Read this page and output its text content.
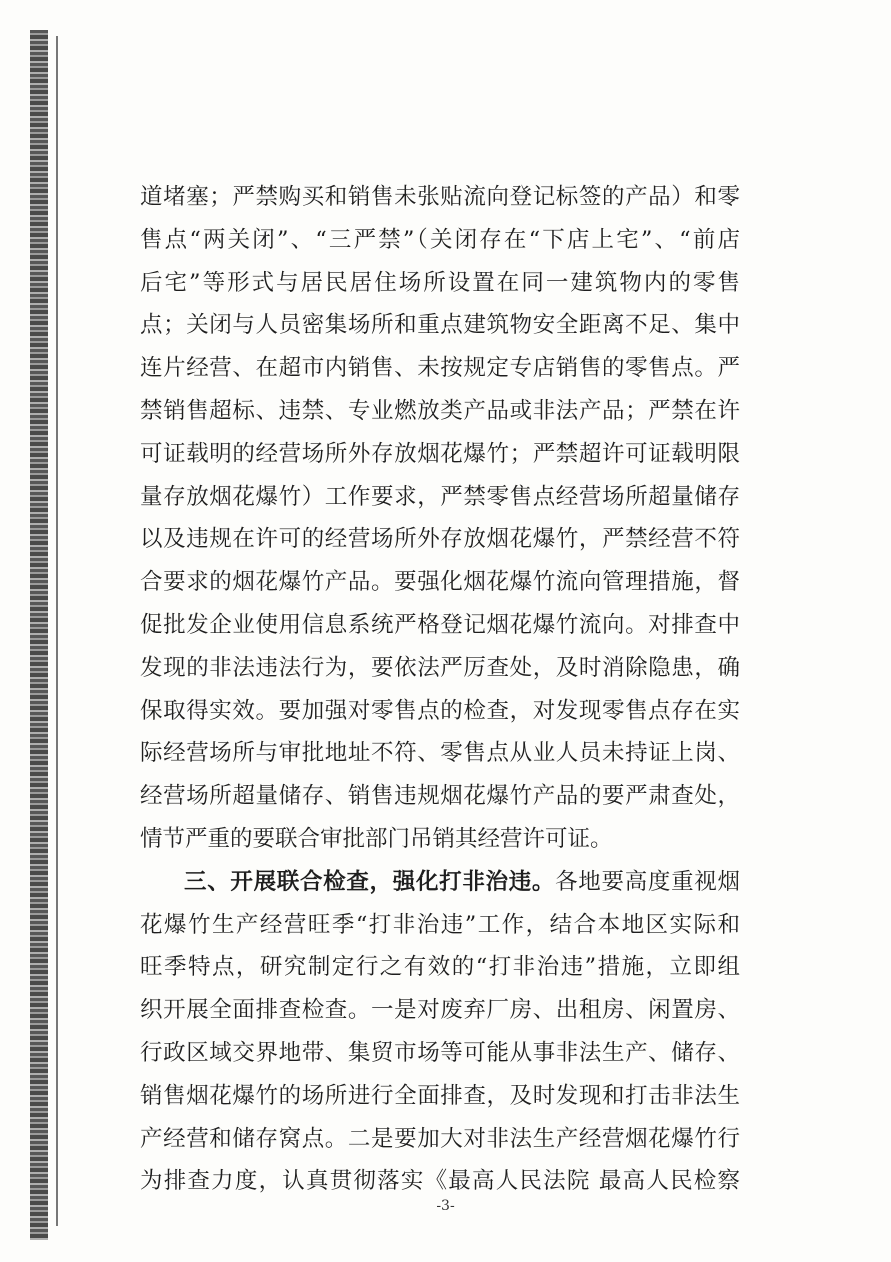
道堵塞；严禁购买和销售未张贴流向登记标签的产品）和零

售点“两关闭”、“三严禁”（关闭存在“下店上宅”、“前店

后宅”等形式与居民居住场所设置在同一建筑物内的零售

点；关闭与人员密集场所和重点建筑物安全距离不足、集中

连片经营、在超市内销售、未按规定专店销售的零售点。严

禁销售超标、违禁、专业燃放类产品或非法产品；严禁在许

可证载明的经营场所外存放烟花爆竹；严禁超许可证载明限

量存放烟花爆竹）工作要求，严禁零售点经营场所超量储存

以及违规在许可的经营场所外存放烟花爆竹，严禁经营不符

合要求的烟花爆竹产品。要强化烟花爆竹流向管理措施，督

促批发企业使用信息系统严格登记烟花爆竹流向。对排查中

发现的非法违法行为，要依法严厉查处，及时消除隐患，确

保取得实效。要加强对零售点的检查，对发现零售点存在实

际经营场所与审批地址不符、零售点从业人员未持证上岗、

经营场所超量储存、销售违规烟花爆竹产品的要严肃查处，

情节严重的要联合审批部门吊销其经营许可证。

三、开展联合检查，强化打非治违。各地要高度重视烟

花爆竹生产经营旺季“打非治违”工作，结合本地区实际和

旺季特点，研究制定行之有效的“打非治违”措施，立即组

织开展全面排查检查。一是对废弃厂房、出租房、闲置房、

行政区域交界地带、集贸市场等可能从事非法生产、储存、

销售烟花爆竹的场所进行全面排查，及时发现和打击非法生

产经营和储存窝点。二是要加大对非法生产经营烟花爆竹行

为排查力度，认真贯彻落实《最高人民法院 最高人民检察

-3-
